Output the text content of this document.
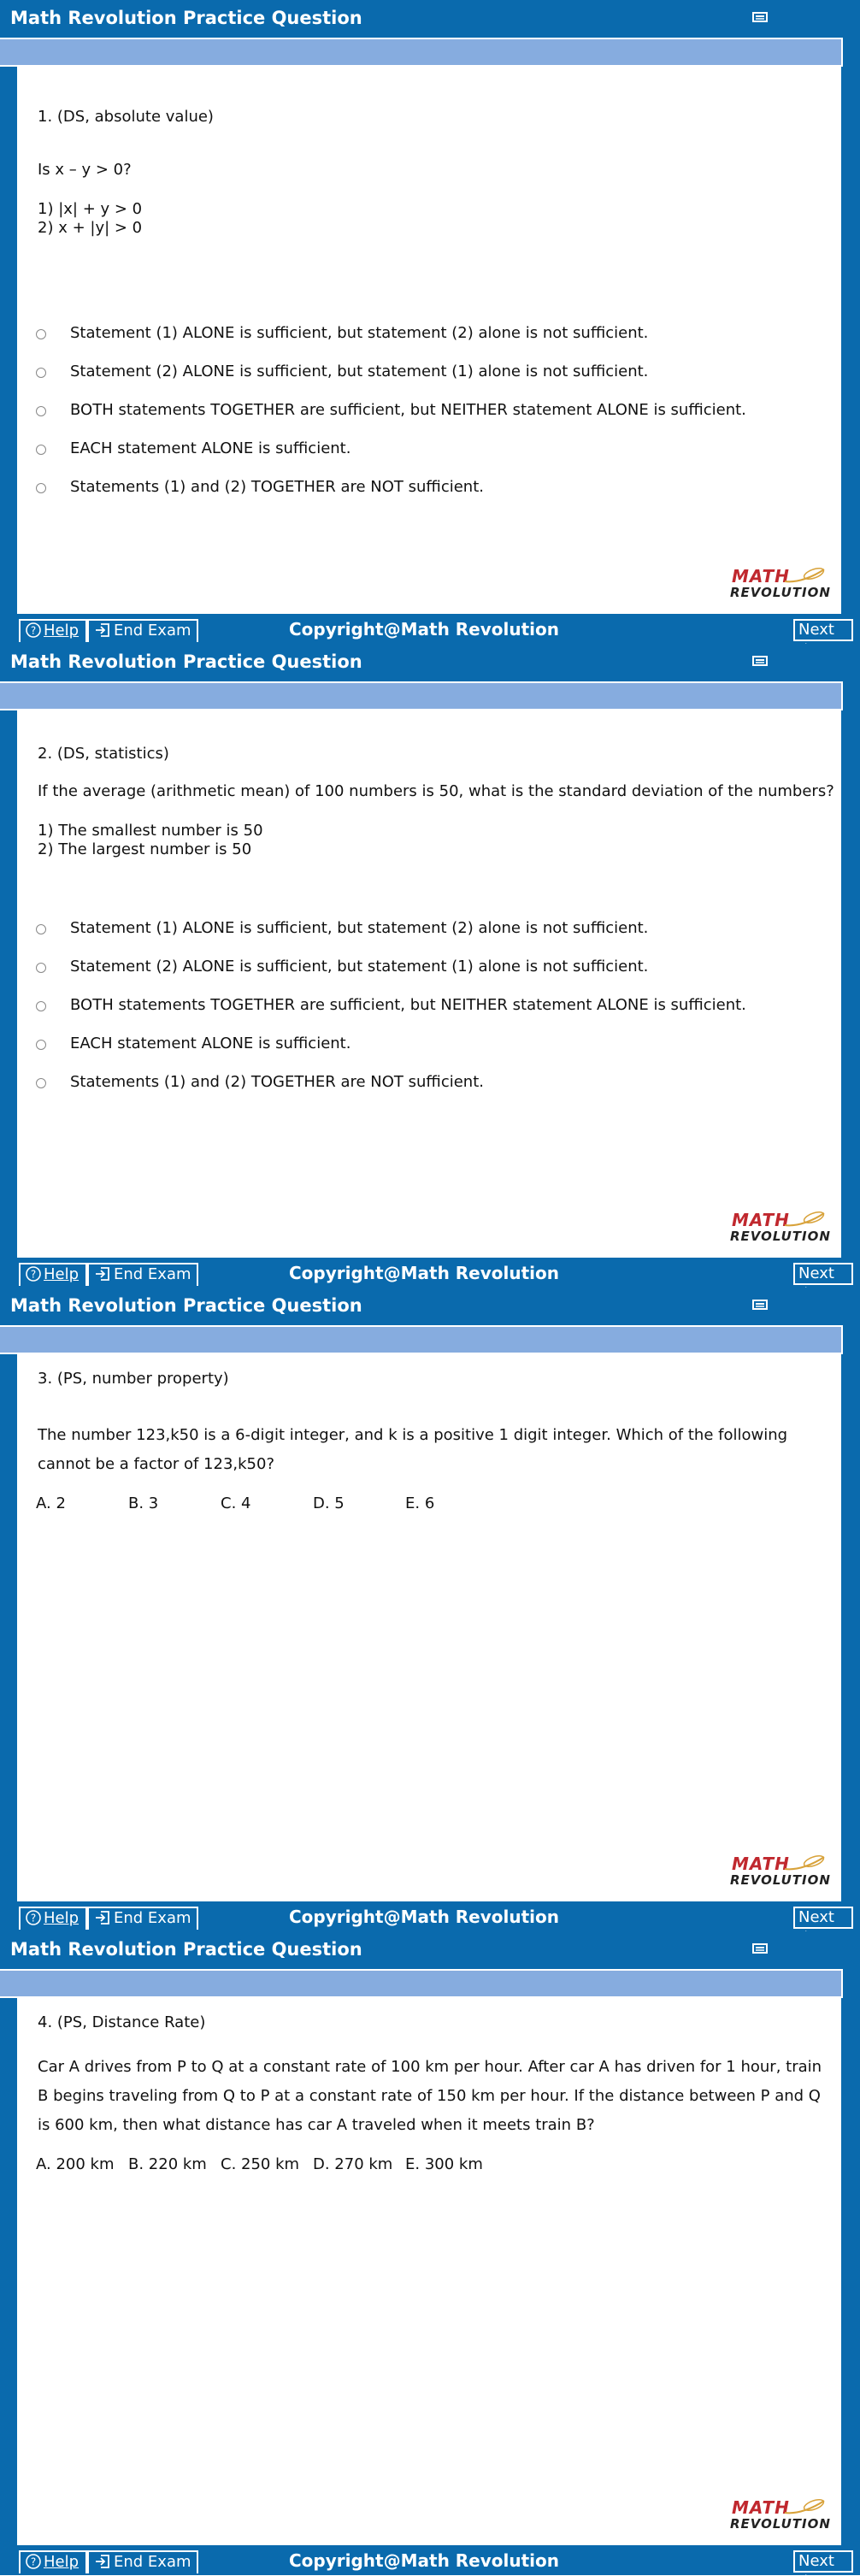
Math Revolution Practice Question
1. (DS, absolute value)
Is x – y > 0?
1) |x| + y > 0
2) x + |y| > 0
Statement (1) ALONE is sufficient, but statement (2) alone is not sufficient.
Statement (2) ALONE is sufficient, but statement (1) alone is not sufficient.
BOTH statements TOGETHER are sufficient, but NEITHER statement ALONE is sufficient.
EACH statement ALONE is sufficient.
Statements (1) and (2) TOGETHER are NOT sufficient.
MATH
REVOLUTION
? Help	End Exam	Copyright@Math Revolution	Next
Math Revolution Practice Question
2. (DS, statistics)
If the average (arithmetic mean) of 100 numbers is 50, what is the standard deviation of the numbers?
1) The smallest number is 50
2) The largest number is 50
Statement (1) ALONE is sufficient, but statement (2) alone is not sufficient.
Statement (2) ALONE is sufficient, but statement (1) alone is not sufficient.
BOTH statements TOGETHER are sufficient, but NEITHER statement ALONE is sufficient.
EACH statement ALONE is sufficient.
Statements (1) and (2) TOGETHER are NOT sufficient.
MATH
REVOLUTION
? Help	End Exam	Copyright@Math Revolution	Next
Math Revolution Practice Question
3. (PS, number property)
The number 123,k50 is a 6-digit integer, and k is a positive 1 digit integer. Which of the following cannot be a factor of 123,k50?
A. 2	B. 3	C. 4	D. 5	E. 6
MATH
REVOLUTION
? Help	End Exam	Copyright@Math Revolution	Next
Math Revolution Practice Question
4. (PS, Distance Rate)
Car A drives from P to Q at a constant rate of 100 km per hour. After car A has driven for 1 hour, train B begins traveling from Q to P at a constant rate of 150 km per hour. If the distance between P and Q is 600 km, then what distance has car A traveled when it meets train B?
A. 200 km B. 220 km C. 250 km D. 270 km E. 300 km
MATH
REVOLUTION
? Help	End Exam	Copyright@Math Revolution	Next
